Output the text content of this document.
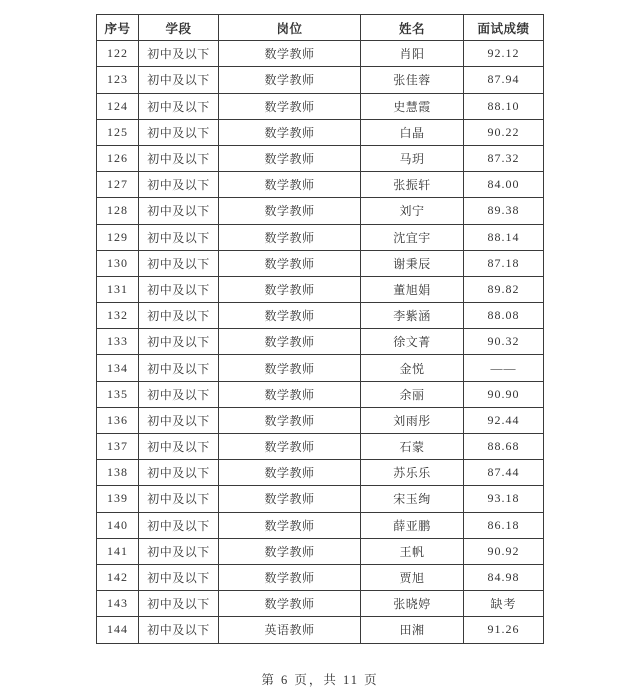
序号	学段	岗位	姓名	面试成绩
122	初中及以下	数学教师	肖阳	92.12
123	初中及以下	数学教师	张佳蓉	87.94
124	初中及以下	数学教师	史慧霞	88.10
125	初中及以下	数学教师	白晶	90.22
126	初中及以下	数学教师	马玥	87.32
127	初中及以下	数学教师	张振轩	84.00
128	初中及以下	数学教师	刘宁	89.38
129	初中及以下	数学教师	沈宜宇	88.14
130	初中及以下	数学教师	谢秉辰	87.18
131	初中及以下	数学教师	董旭娟	89.82
132	初中及以下	数学教师	李紫涵	88.08
133	初中及以下	数学教师	徐文菁	90.32
134	初中及以下	数学教师	金悦	——
135	初中及以下	数学教师	余丽	90.90
136	初中及以下	数学教师	刘雨彤	92.44
137	初中及以下	数学教师	石蒙	88.68
138	初中及以下	数学教师	苏乐乐	87.44
139	初中及以下	数学教师	宋玉绚	93.18
140	初中及以下	数学教师	薛亚鹏	86.18
141	初中及以下	数学教师	王帆	90.92
142	初中及以下	数学教师	贾旭	84.98
143	初中及以下	数学教师	张晓婷	缺考
144	初中及以下	英语教师	田湘	91.26
第 6 页，共 11 页
